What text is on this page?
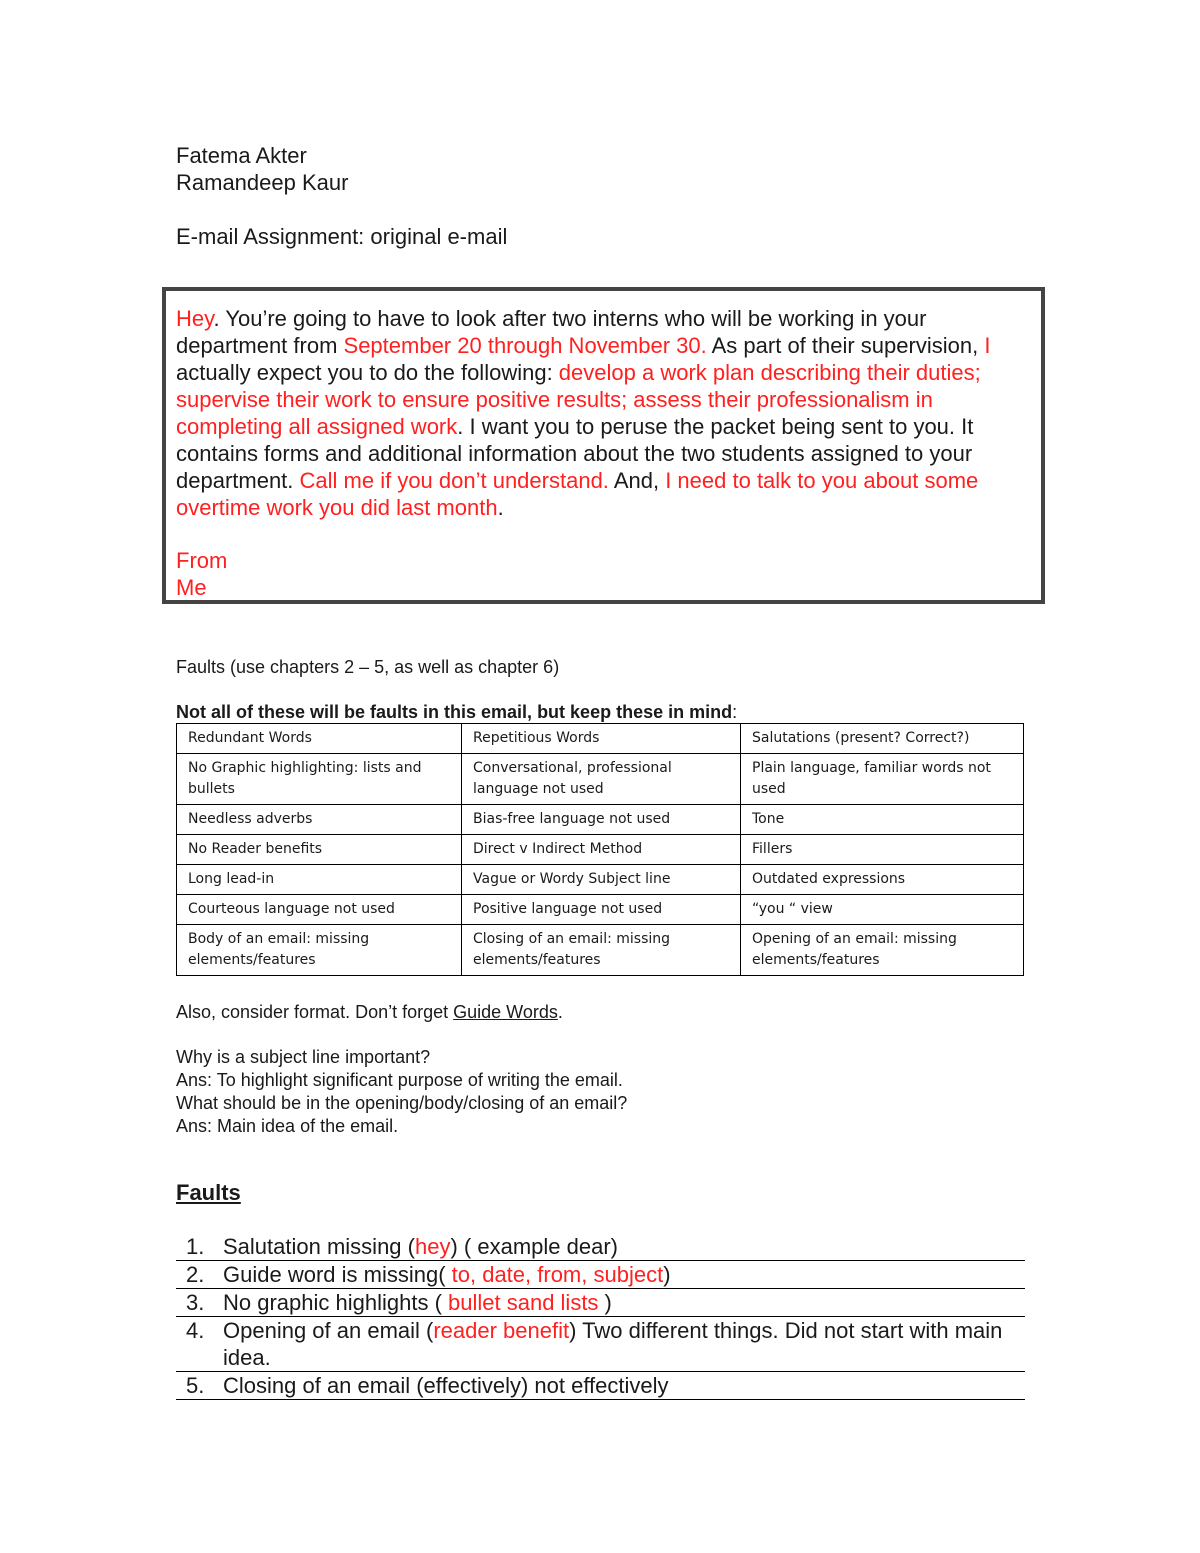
Fatema Akter
Ramandeep Kaur
E-mail Assignment: original e-mail
Hey. You’re going to have to look after two interns who will be working in your department from September 20 through November 30. As part of their supervision, I actually expect you to do the following: develop a work plan describing their duties; supervise their work to ensure positive results; assess their professionalism in completing all assigned work. I want you to peruse the packet being sent to you. It contains forms and additional information about the two students assigned to your department. Call me if you don’t understand. And, I need to talk to you about some overtime work you did last month.
From
Me
Faults (use chapters 2 – 5, as well as chapter 6)
Not all of these will be faults in this email, but keep these in mind:
Redundant Words	Repetitious Words	Salutations (present? Correct?)
No Graphic highlighting: lists and bullets	Conversational, professional language not used	Plain language, familiar words not used
Needless adverbs	Bias-free language not used	Tone
No Reader benefits	Direct v Indirect Method	Fillers
Long lead-in	Vague or Wordy Subject line	Outdated expressions
Courteous language not used	Positive language not used	“you “ view
Body of an email: missing elements/features	Closing of an email: missing elements/features	Opening of an email: missing elements/features
Also, consider format. Don’t forget Guide Words.
Why is a subject line important?
Ans: To highlight significant purpose of writing the email.
What should be in the opening/body/closing of an email?
Ans: Main idea of the email.
Faults
1. Salutation missing (hey) ( example dear)
2. Guide word is missing( to, date, from, subject)
3. No graphic highlights ( bullet sand lists )
4. Opening of an email (reader benefit) Two different things. Did not start with main idea.
5. Closing of an email (effectively) not effectively
